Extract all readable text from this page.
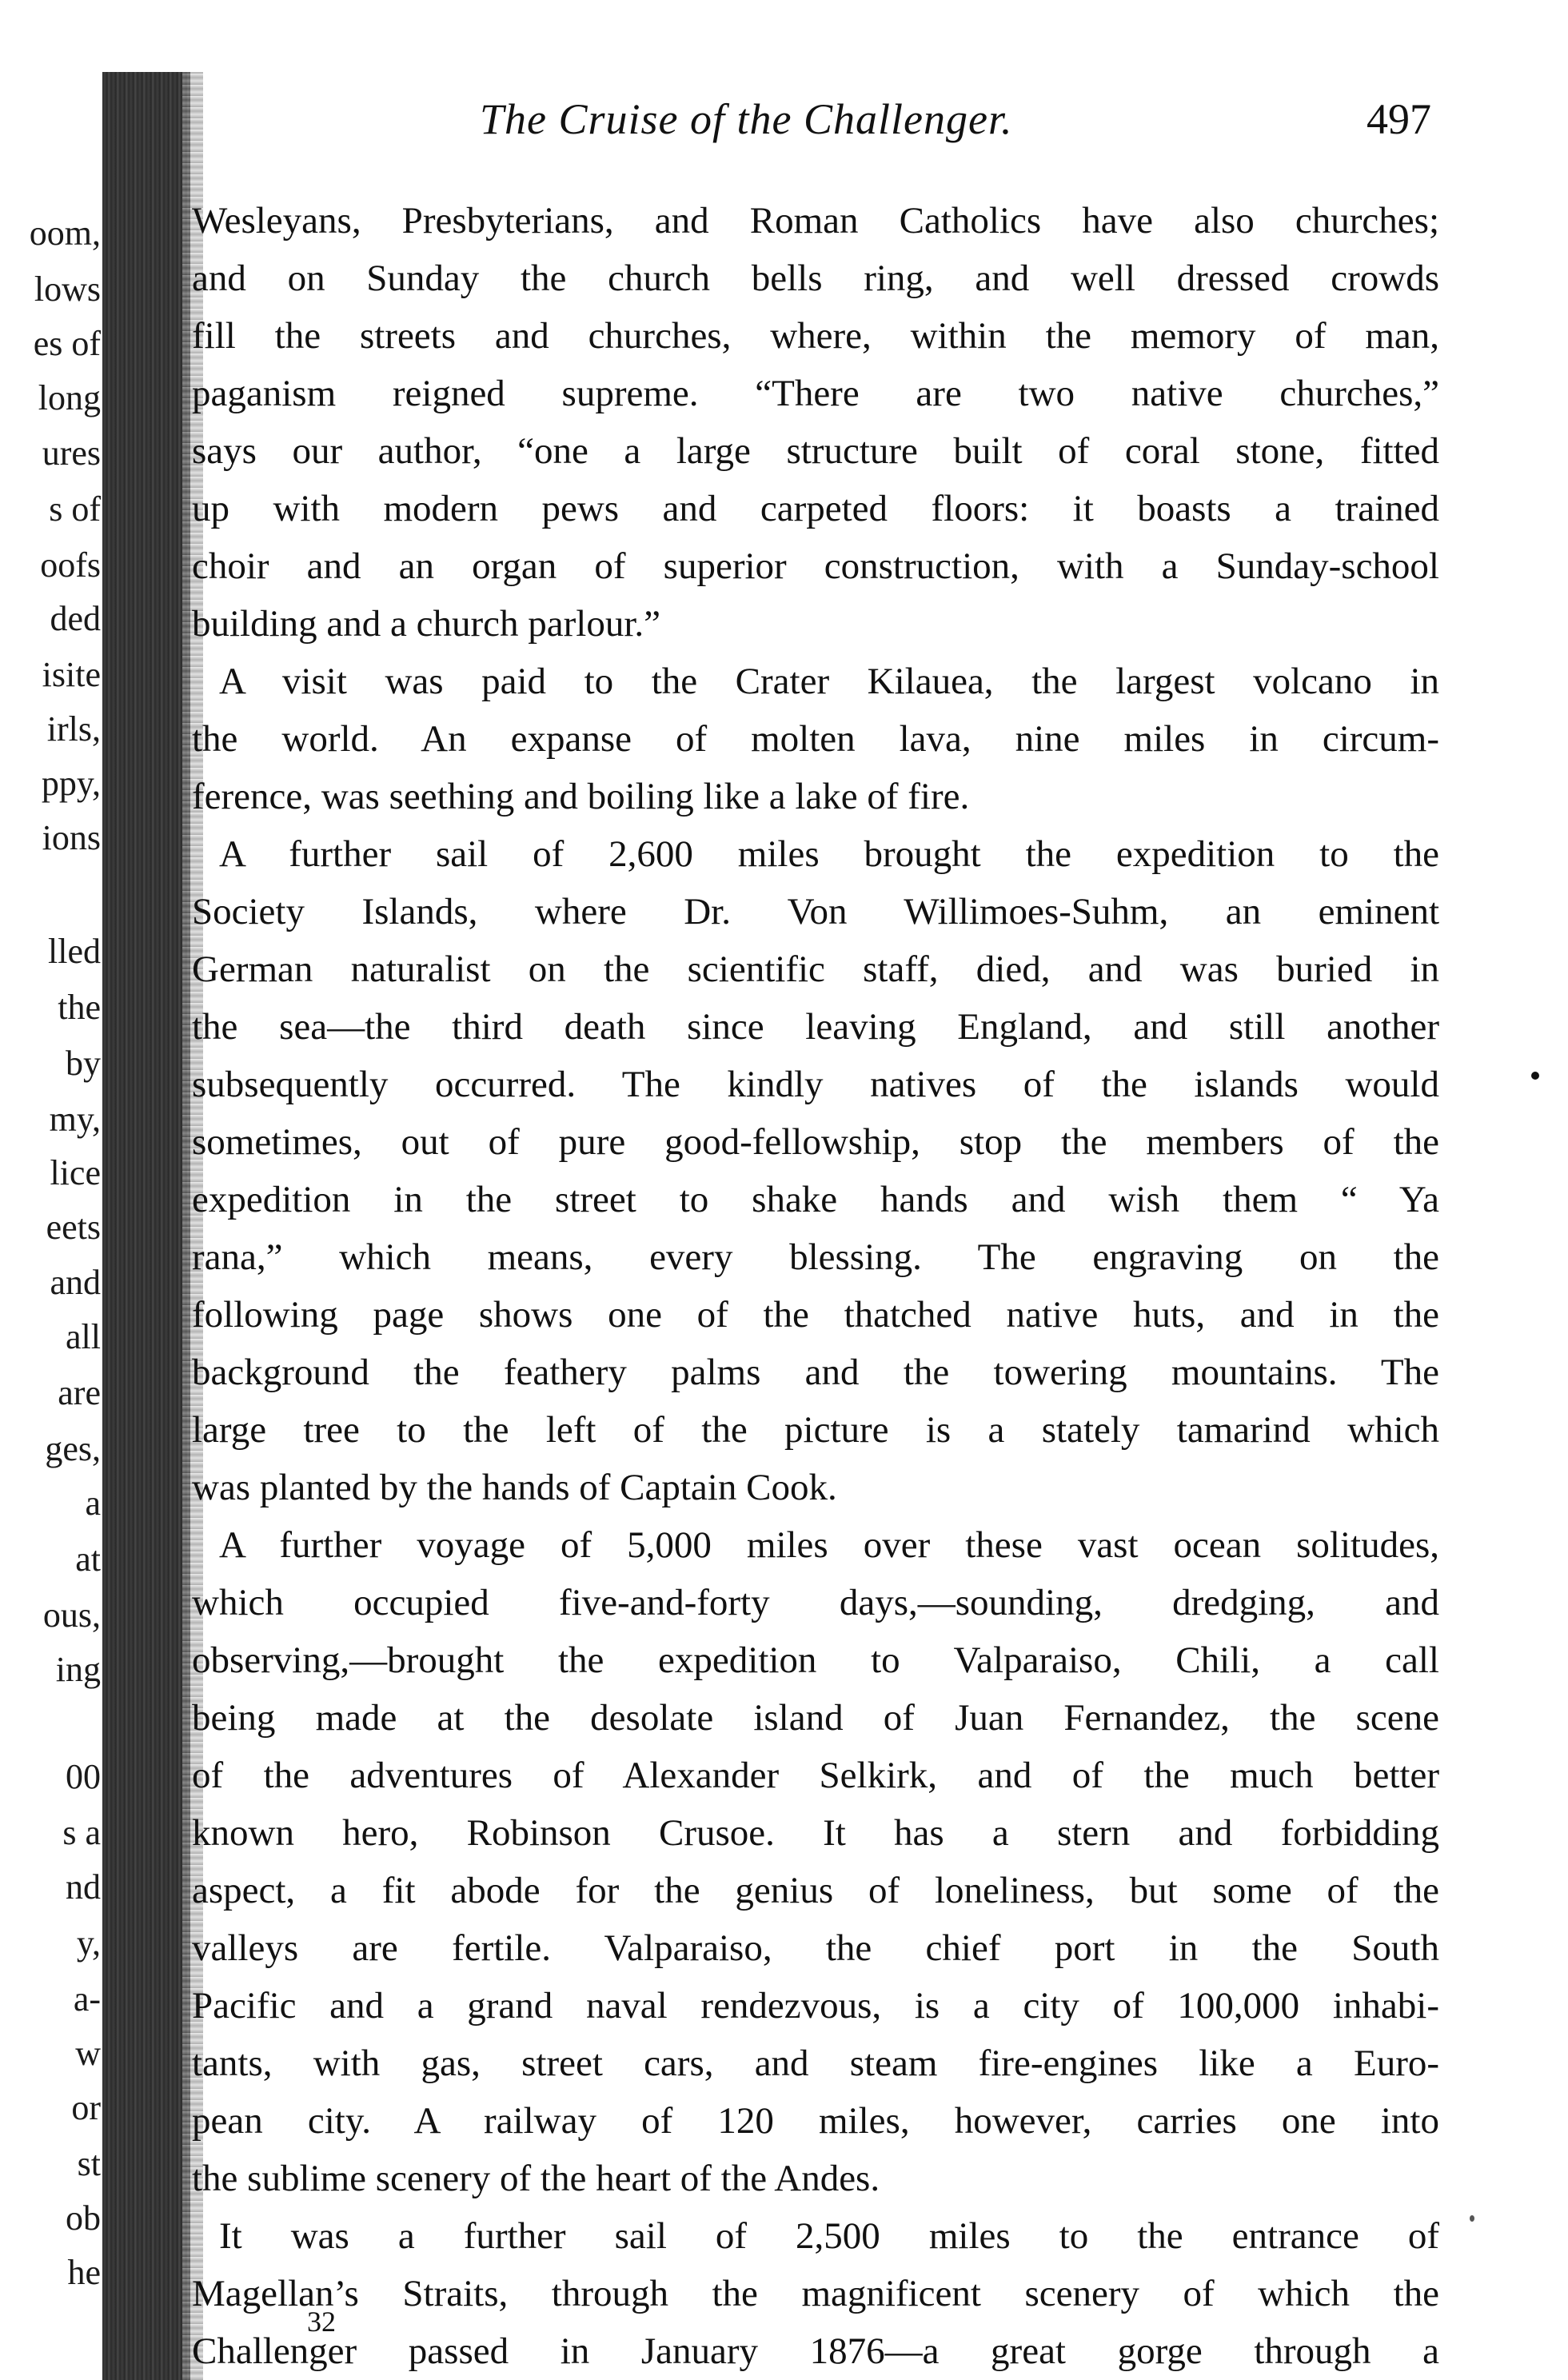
oom,
lows
es of
long
ures
s of
oofs
ded
isite
irls,
ppy,
ions
lled
the
by
my,
lice
eets
and
all
are
ges,
a
at
ous,
ing
00
s a
nd
y,
a-
w
or
st
ob
he
The Cruise of the Challenger.	497
Wesleyans, Presbyterians, and Roman Catholics have also churches;
and on Sunday the church bells ring, and well dressed crowds
fill the streets and churches, where, within the memory of man,
paganism reigned supreme. “There are two native churches,”
says our author, “one a large structure built of coral stone, fitted
up with modern pews and carpeted floors: it boasts a trained
choir and an organ of superior construction, with a Sunday-school
building and a church parlour.”
A visit was paid to the Crater Kilauea, the largest volcano in
the world. An expanse of molten lava, nine miles in circum-
ference, was seething and boiling like a lake of fire.
A further sail of 2,600 miles brought the expedition to the
Society Islands, where Dr. Von Willimoes-Suhm, an eminent
German naturalist on the scientific staff, died, and was buried in
the sea—the third death since leaving England, and still another
subsequently occurred. The kindly natives of the islands would
sometimes, out of pure good-fellowship, stop the members of the
expedition in the street to shake hands and wish them “ Ya
rana,” which means, every blessing. The engraving on the
following page shows one of the thatched native huts, and in the
background the feathery palms and the towering mountains. The
large tree to the left of the picture is a stately tamarind which
was planted by the hands of Captain Cook.
A further voyage of 5,000 miles over these vast ocean solitudes,
which occupied five-and-forty days,—sounding, dredging, and
observing,—brought the expedition to Valparaiso, Chili, a call
being made at the desolate island of Juan Fernandez, the scene
of the adventures of Alexander Selkirk, and of the much better
known hero, Robinson Crusoe. It has a stern and forbidding
aspect, a fit abode for the genius of loneliness, but some of the
valleys are fertile. Valparaiso, the chief port in the South
Pacific and a grand naval rendezvous, is a city of 100,000 inhabi-
tants, with gas, street cars, and steam fire-engines like a Euro-
pean city. A railway of 120 miles, however, carries one into
the sublime scenery of the heart of the Andes.
It was a further sail of 2,500 miles to the entrance of
Magellan’s Straits, through the magnificent scenery of which the
Challenger passed in January 1876—a great gorge through a
32
